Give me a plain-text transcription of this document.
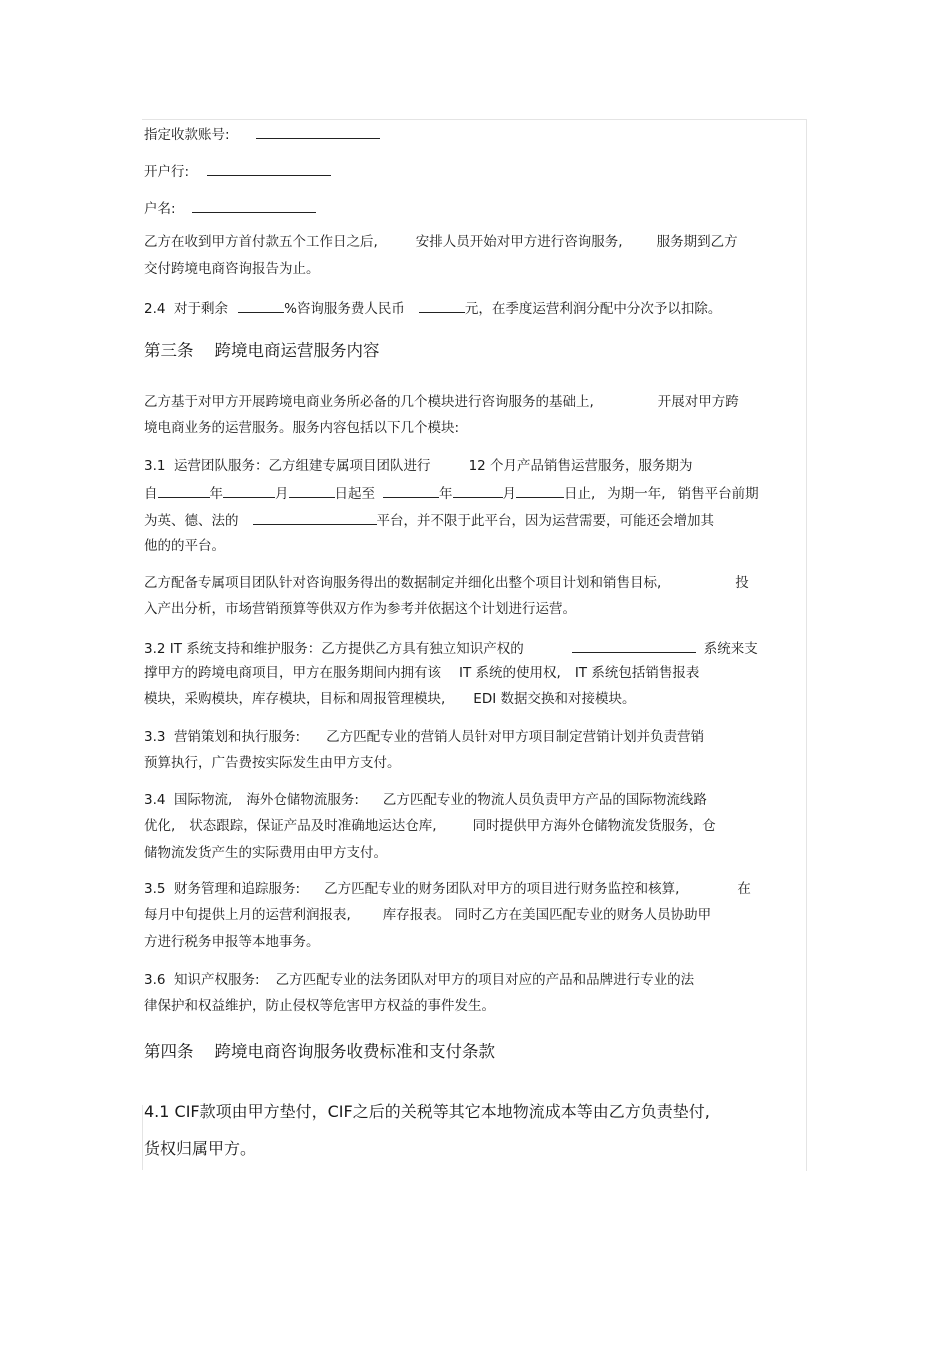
指定收款账号:
开户行:
户名:
乙方在收到甲方首付款五个工作日之后,	安排人员开始对甲方进行咨询服务,	服务期到乙方
交付跨境电商咨询报告为止。
2.4  对于剩余	%咨询服务费人民币	元，在季度运营利润分配中分次予以扣除。
第三条    跨境电商运营服务内容
乙方基于对甲方开展跨境电商业务所必备的几个模块进行咨询服务的基础上,	开展对甲方跨
境电商业务的运营服务。服务内容包括以下几个模块:
3.1  运营团队服务：乙方组建专属项目团队进行	12 个月产品销售运营服务，服务期为
自	年	月	日起至	年	月	日止, 为期一年, 销售平台前期
为英、德、法的	平台，并不限于此平台，因为运营需要，可能还会增加其
他的的平台。
乙方配备专属项目团队针对咨询服务得出的数据制定并细化出整个项目计划和销售目标,	投
入产出分析，市场营销预算等供双方作为参考并依据这个计划进行运营。
3.2 IT 系统支持和维护服务：乙方提供乙方具有独立知识产权的	系统来支
撑甲方的跨境电商项目，甲方在服务期间内拥有该 IT 系统的使用权, IT 系统包括销售报表
模块，采购模块，库存模块，目标和周报管理模块, EDI 数据交换和对接模块。
3.3  营销策划和执行服务: 乙方匹配专业的营销人员针对甲方项目制定营销计划并负责营销
预算执行，广告费按实际发生由甲方支付。
3.4  国际物流, 海外仓储物流服务: 乙方匹配专业的物流人员负责甲方产品的国际物流线路
优化, 状态跟踪，保证产品及时准确地运达仓库,	同时提供甲方海外仓储物流发货服务，仓
储物流发货产生的实际费用由甲方支付。
3.5  财务管理和追踪服务: 乙方匹配专业的财务团队对甲方的项目进行财务监控和核算,	在
每月中旬提供上月的运营利润报表, 库存报表。 同时乙方在美国匹配专业的财务人员协助甲
方进行税务申报等本地事务。
3.6  知识产权服务: 乙方匹配专业的法务团队对甲方的项目对应的产品和品牌进行专业的法
律保护和权益维护，防止侵权等危害甲方权益的事件发生。
第四条    跨境电商咨询服务收费标准和支付条款
4.1 CIF款项由甲方垫付，CIF之后的关税等其它本地物流成本等由乙方负责垫付,
货权归属甲方。
